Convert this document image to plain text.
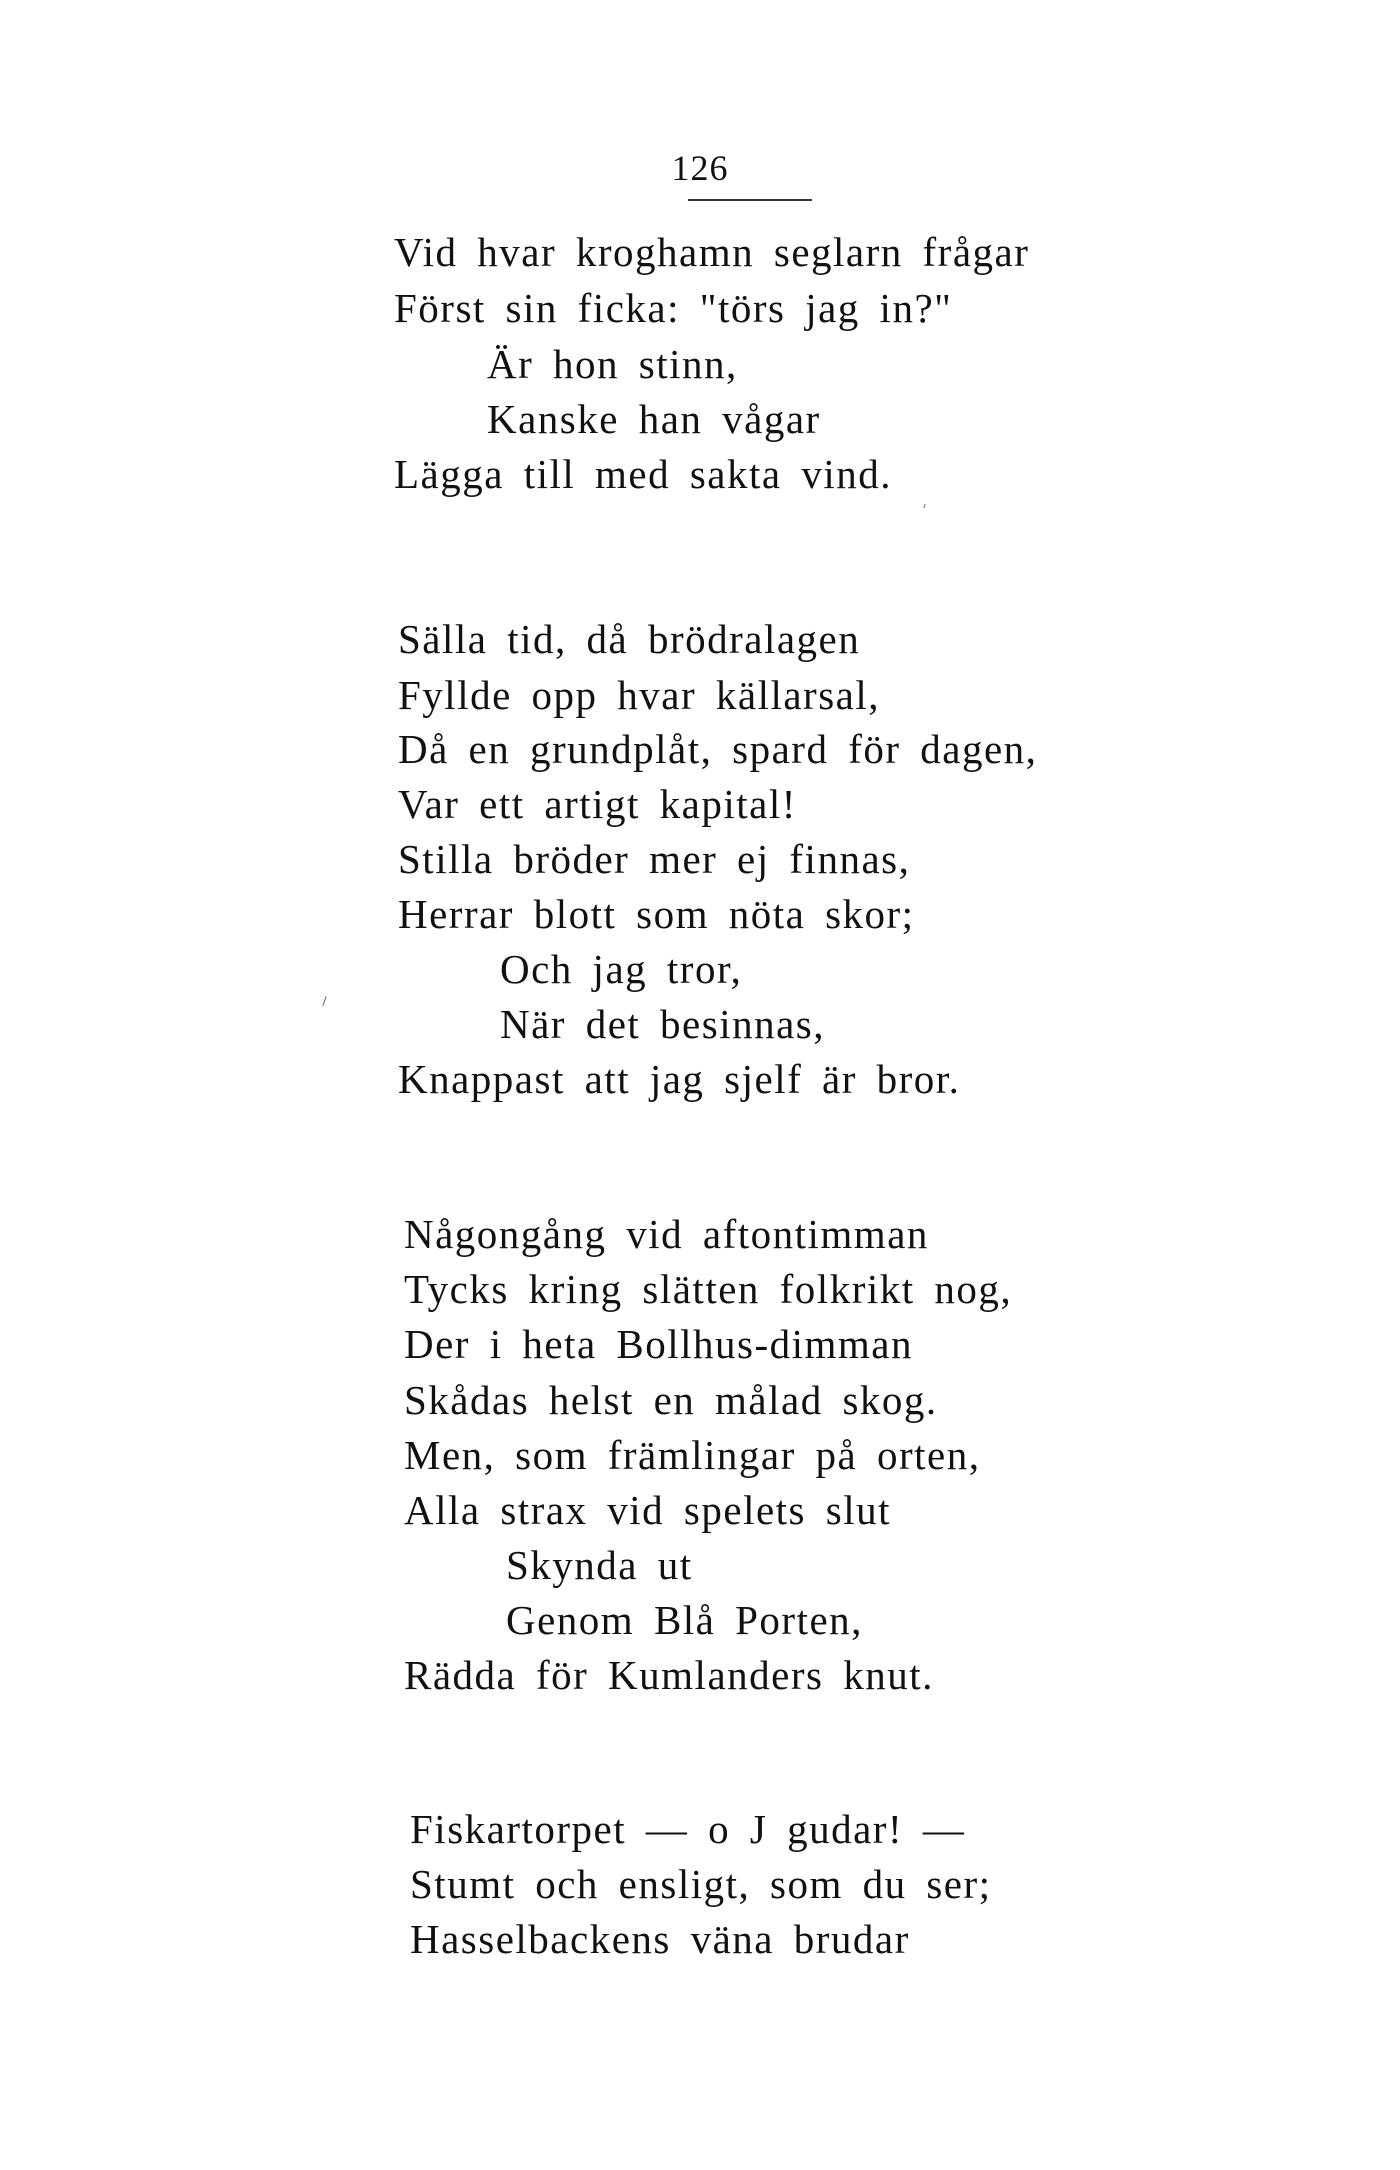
126
Vid hvar kroghamn seglarn frågar
Först sin ficka: "törs jag in?"
Är hon stinn,
Kanske han vågar
Lägga till med sakta vind.
Sälla tid, då brödralagen
Fyllde opp hvar källarsal,
Då en grundplåt, spard för dagen,
Var ett artigt kapital!
Stilla bröder mer ej finnas,
Herrar blott som nöta skor;
Och jag tror,
När det besinnas,
Knappast att jag sjelf är bror.
Någongång vid aftontimman
Tycks kring slätten folkrikt nog,
Der i heta Bollhus-dimman
Skådas helst en målad skog.
Men, som främlingar på orten,
Alla strax vid spelets slut
Skynda ut
Genom Blå Porten,
Rädda för Kumlanders knut.
Fiskartorpet — o J gudar! —
Stumt och ensligt, som du ser;
Hasselbackens väna brudar
